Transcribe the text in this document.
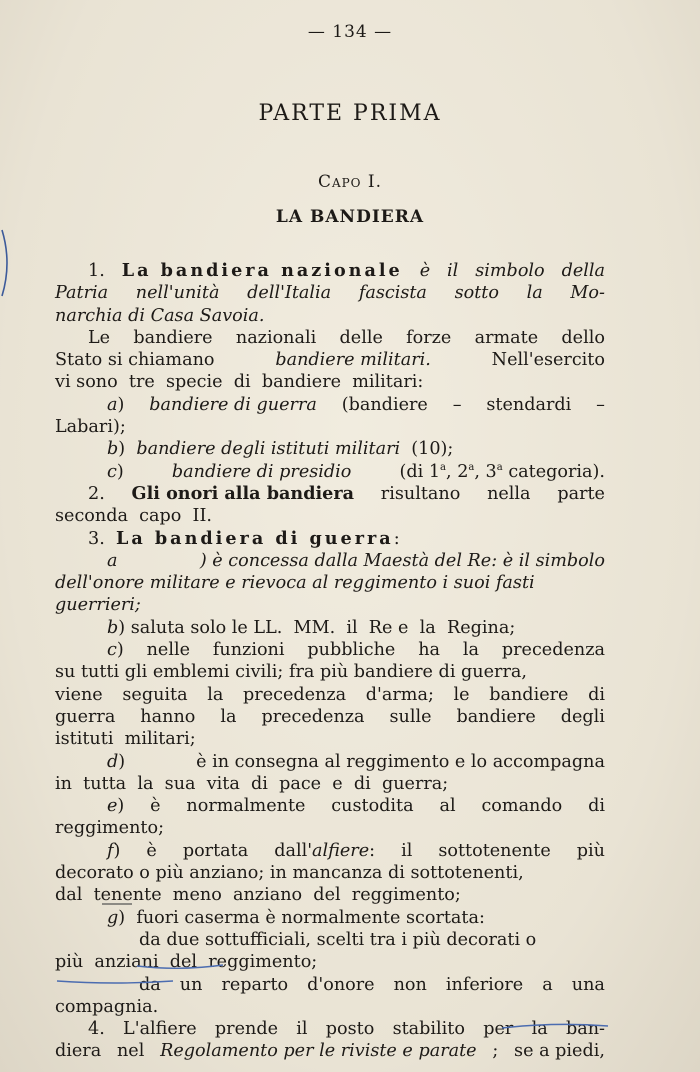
— 134 —
PARTE PRIMA
Capo I.
LA BANDIERA
1. La bandiera nazionale è il simbolo della
Patria nell'unità dell'Italia fascista sotto la Mo-
narchia di Casa Savoia.
Le bandiere nazionali delle forze armate dello
Stato si chiamano	bandiere militari.	Nell'esercito
vi sono  tre  specie  di  bandiere  militari:
a) bandiere di guerra (bandiere – stendardi –
Labari);
b)  bandiere degli istituti militari  (10);
c)	bandiere di presidio	(di 1$^a$, 2$^a$, 3$^a$ categoria).
2. Gli onori alla bandiera risultano nella parte
seconda  capo  II.
3.  La bandiera di guerra:
a	) è concessa dalla Maestà del Re: è il simbolo
dell'onore militare e rievoca al reggimento i suoi fasti
guerrieri;
b) saluta solo le LL.  MM.  il  Re e  la  Regina;
c) nelle funzioni pubbliche ha la precedenza
su tutti gli emblemi civili; fra più bandiere di guerra,
viene seguita la precedenza d'arma; le bandiere di
guerra hanno la precedenza sulle bandiere degli
istituti  militari;
d)	è in consegna al reggimento e lo accompagna
in  tutta  la  sua  vita  di  pace  e  di  guerra;
e) è normalmente custodita al comando di
reggimento;
f) è portata dall'alfiere: il sottotenente più
decorato o più anziano; in mancanza di sottotenenti,
dal  tenente  meno  anziano  del  reggimento;
g)  fuori caserma è normalmente scortata:
da due sottufficiali, scelti tra i più decorati o
più  anziani  del  reggimento;
da un reparto d'onore non inferiore a una
compagnia.
4. L'alfiere prende il posto stabilito per la ban-
diera nel Regolamento per le riviste e parate ; se a piedi,
